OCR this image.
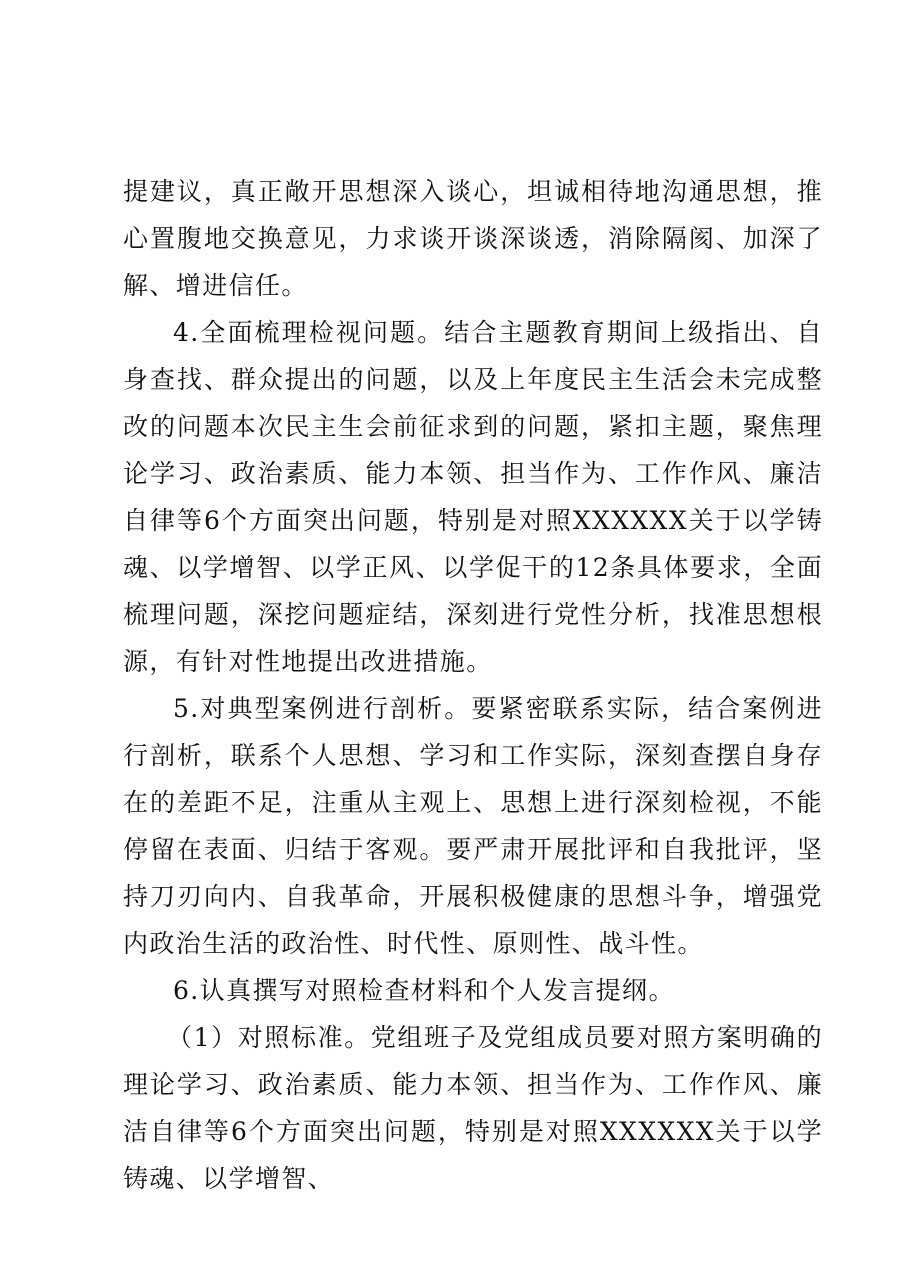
提建议，真正敞开思想深入谈心，坦诚相待地沟通思想，推心置腹地交换意见，力求谈开谈深谈透，消除隔阂、加深了解、增进信任。

4.全面梳理检视问题。结合主题教育期间上级指出、自身查找、群众提出的问题，以及上年度民主生活会未完成整改的问题本次民主生会前征求到的问题，紧扣主题，聚焦理论学习、政治素质、能力本领、担当作为、工作作风、廉洁自律等6个方面突出问题，特别是对照XXXXXX关于以学铸魂、以学增智、以学正风、以学促干的12条具体要求，全面梳理问题，深挖问题症结，深刻进行党性分析，找准思想根源，有针对性地提出改进措施。

5.对典型案例进行剖析。要紧密联系实际，结合案例进行剖析，联系个人思想、学习和工作实际，深刻查摆自身存在的差距不足，注重从主观上、思想上进行深刻检视，不能停留在表面、归结于客观。要严肃开展批评和自我批评，坚持刀刃向内、自我革命，开展积极健康的思想斗争，增强党内政治生活的政治性、时代性、原则性、战斗性。

6.认真撰写对照检查材料和个人发言提纲。

（1）对照标准。党组班子及党组成员要对照方案明确的理论学习、政治素质、能力本领、担当作为、工作作风、廉洁自律等6个方面突出问题，特别是对照XXXXXX关于以学铸魂、以学增智、
